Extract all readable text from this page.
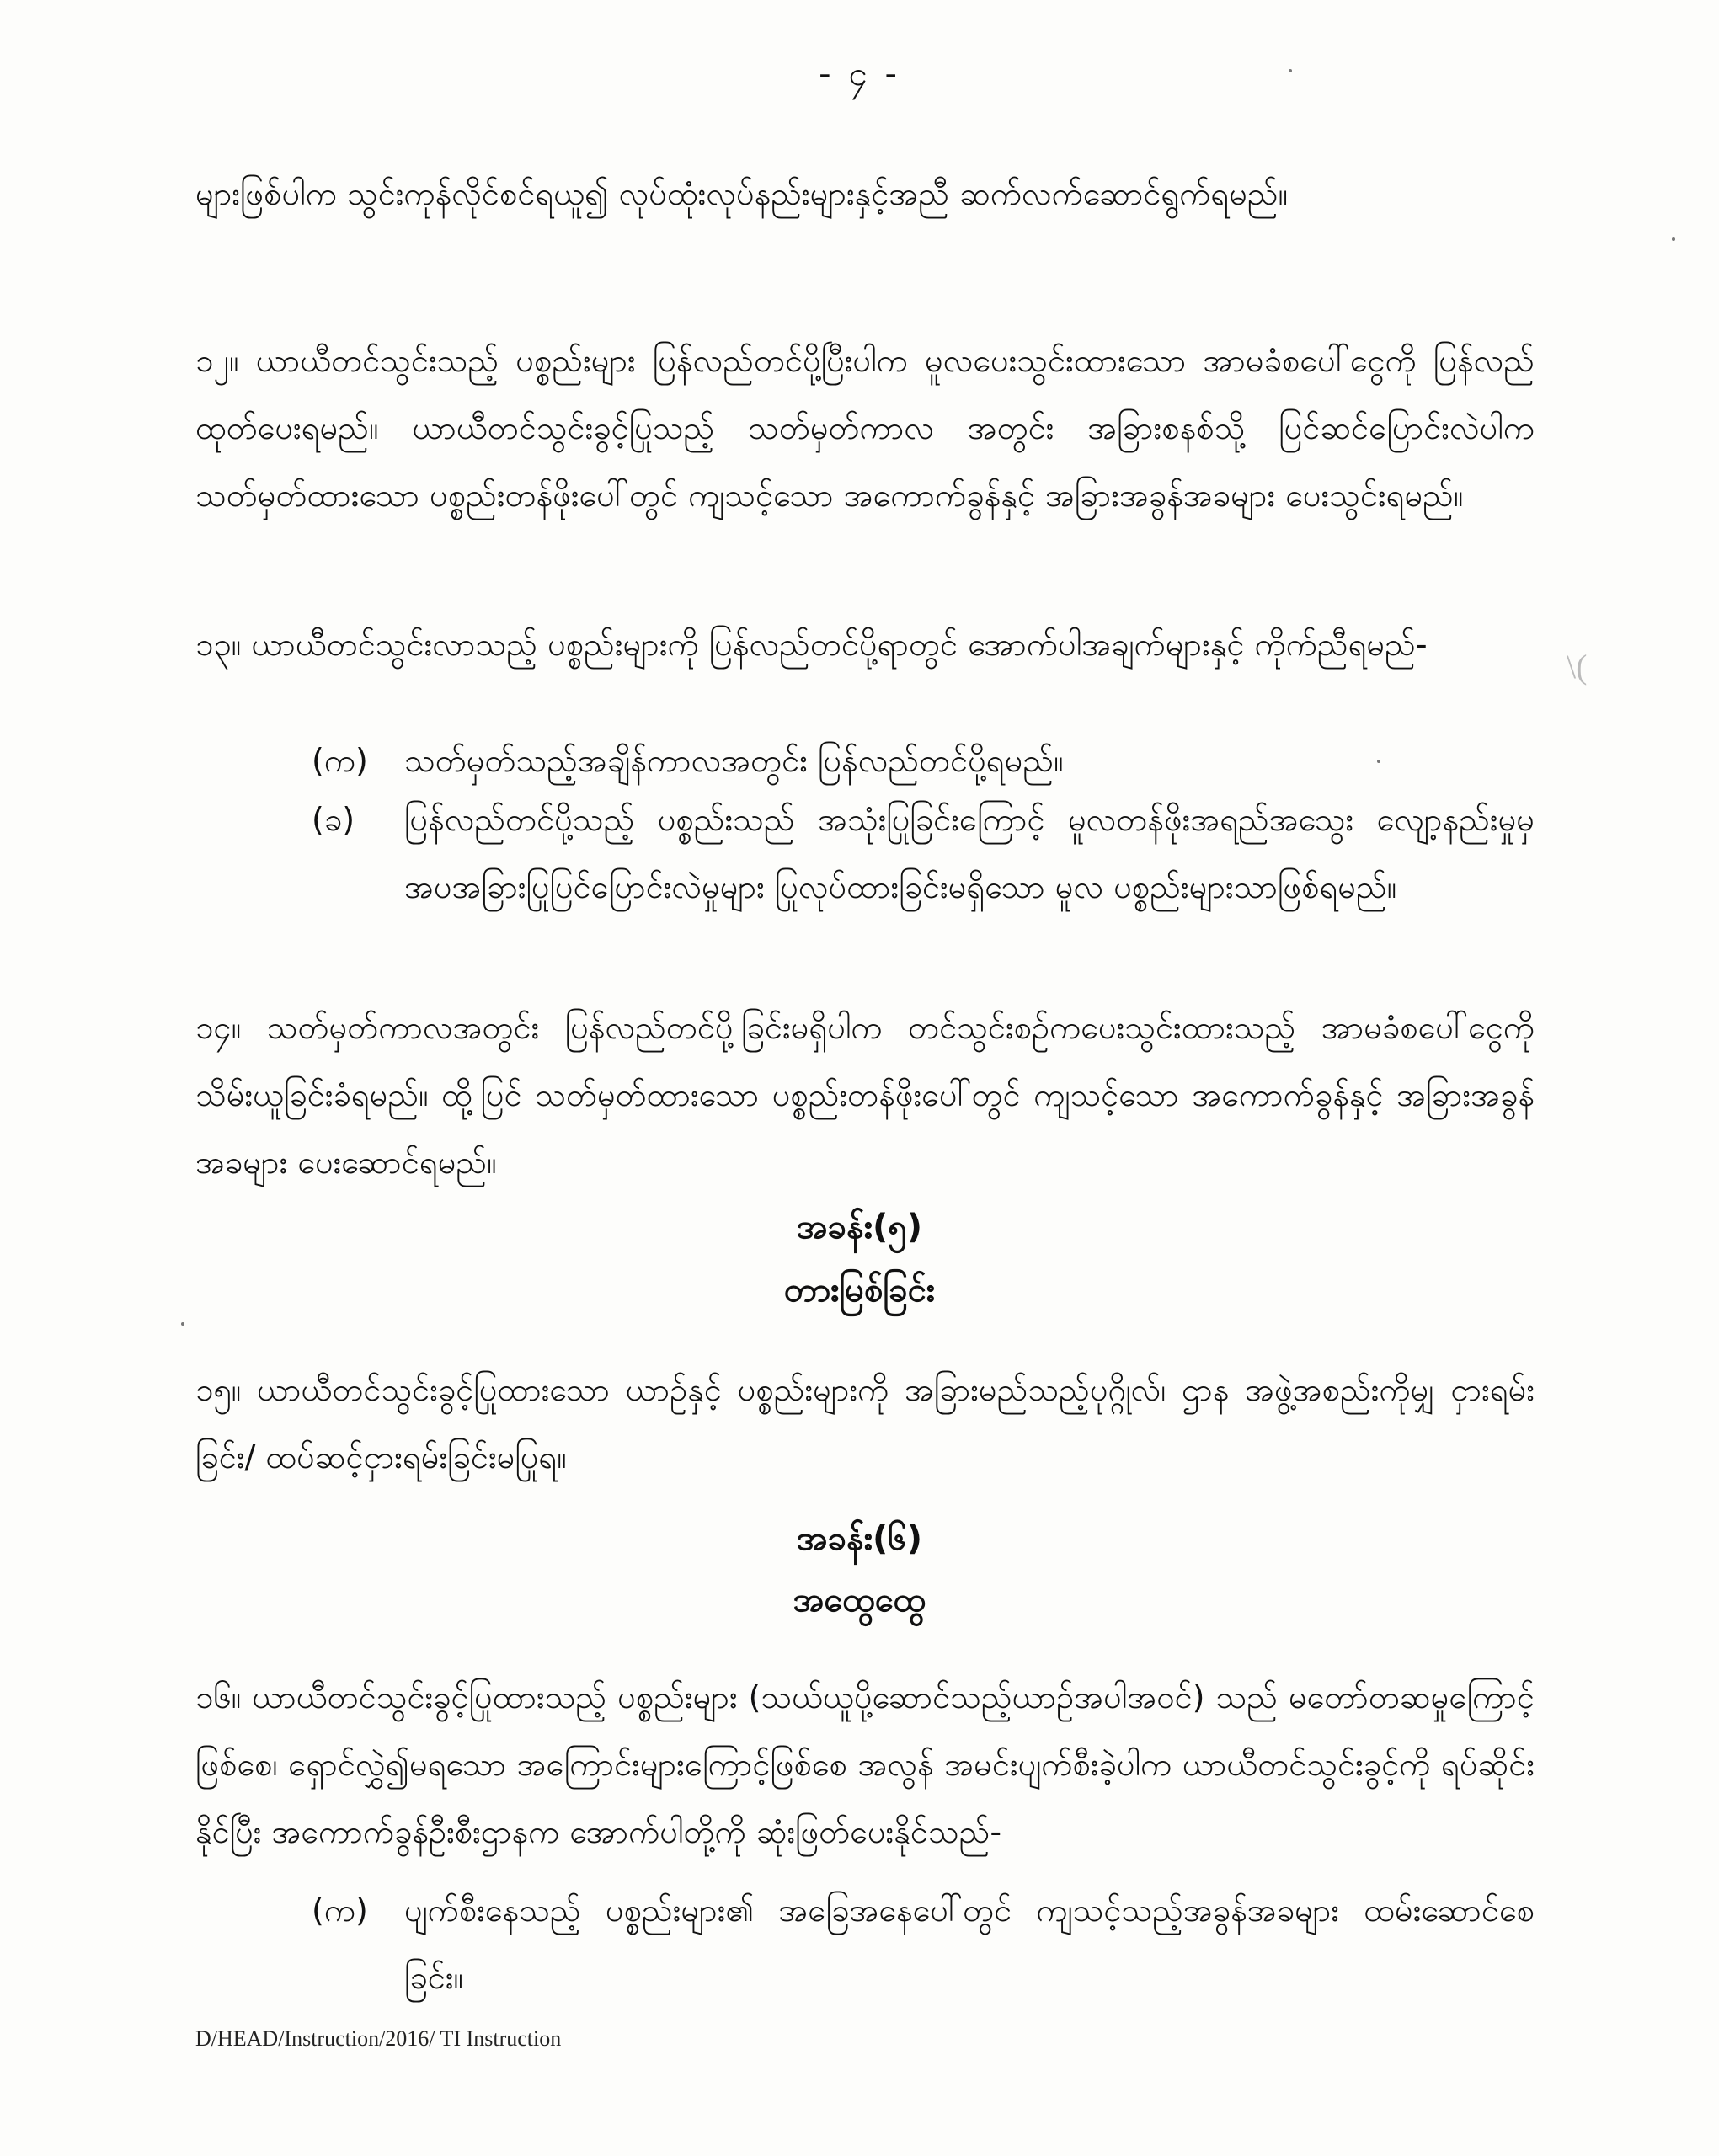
- ၄ -

များဖြစ်ပါက သွင်းကုန်လိုင်စင်ရယူ၍ လုပ်ထုံးလုပ်နည်းများနှင့်အညီ ဆက်လက်ဆောင်ရွက်ရမည်။

၁၂။ ယာယီတင်သွင်းသည့် ပစ္စည်းများ ပြန်လည်တင်ပို့ပြီးပါက မူလပေးသွင်းထားသော အာမခံစပေါ်ငွေကို ပြန်လည်ထုတ်ပေးရမည်။ ယာယီတင်သွင်းခွင့်ပြုသည့် သတ်မှတ်ကာလ အတွင်း အခြားစနစ်သို့ ပြင်ဆင်ပြောင်းလဲပါက သတ်မှတ်ထားသော ပစ္စည်းတန်ဖိုးပေါ်တွင် ကျသင့်သော အကောက်ခွန်နှင့် အခြားအခွန်အခများ ပေးသွင်းရမည်။

၁၃။ ယာယီတင်သွင်းလာသည့် ပစ္စည်းများကို ပြန်လည်တင်ပို့ရာတွင် အောက်ပါအချက်များနှင့် ကိုက်ညီရမည်-

(က)	သတ်မှတ်သည့်အချိန်ကာလအတွင်း ပြန်လည်တင်ပို့ရမည်။
(ခ)	ပြန်လည်တင်ပို့သည့် ပစ္စည်းသည် အသုံးပြုခြင်းကြောင့် မူလတန်ဖိုးအရည်အသွေး လျော့နည်းမှုမှ အပအခြားပြုပြင်ပြောင်းလဲမှုများ ပြုလုပ်ထားခြင်းမရှိသော မူလ ပစ္စည်းများသာဖြစ်ရမည်။

၁၄။ သတ်မှတ်ကာလအတွင်း ပြန်လည်တင်ပို့ခြင်းမရှိပါက တင်သွင်းစဉ်ကပေးသွင်းထားသည့် အာမခံစပေါ်ငွေကို သိမ်းယူခြင်းခံရမည်။ ထို့ပြင် သတ်မှတ်ထားသော ပစ္စည်းတန်ဖိုးပေါ်တွင် ကျသင့်သော အကောက်ခွန်နှင့် အခြားအခွန်အခများ ပေးဆောင်ရမည်။

အခန်း(၅)
တားမြစ်ခြင်း

၁၅။ ယာယီတင်သွင်းခွင့်ပြုထားသော ယာဉ်နှင့် ပစ္စည်းများကို အခြားမည်သည့်ပုဂ္ဂိုလ်၊ ဌာန အဖွဲ့အစည်းကိုမျှ ငှားရမ်းခြင်း/ ထပ်ဆင့်ငှားရမ်းခြင်းမပြုရ။

အခန်း(၆)
အထွေထွေ

၁၆။ ယာယီတင်သွင်းခွင့်ပြုထားသည့် ပစ္စည်းများ (သယ်ယူပို့ဆောင်သည့်ယာဉ်အပါအဝင်) သည် မတော်တဆမှုကြောင့်ဖြစ်စေ၊ ရှောင်လွှဲ၍မရသော အကြောင်းများကြောင့်ဖြစ်စေ အလွန် အမင်းပျက်စီးခဲ့ပါက ယာယီတင်သွင်းခွင့်ကို ရပ်ဆိုင်းနိုင်ပြီး အကောက်ခွန်ဦးစီးဌာနက အောက်ပါတို့ကို ဆုံးဖြတ်ပေးနိုင်သည်-

(က)	ပျက်စီးနေသည့် ပစ္စည်းများ၏ အခြေအနေပေါ်တွင် ကျသင့်သည့်အခွန်အခများ ထမ်းဆောင်စေခြင်း။
\(
D/HEAD/Instruction/2016/ TI Instruction
